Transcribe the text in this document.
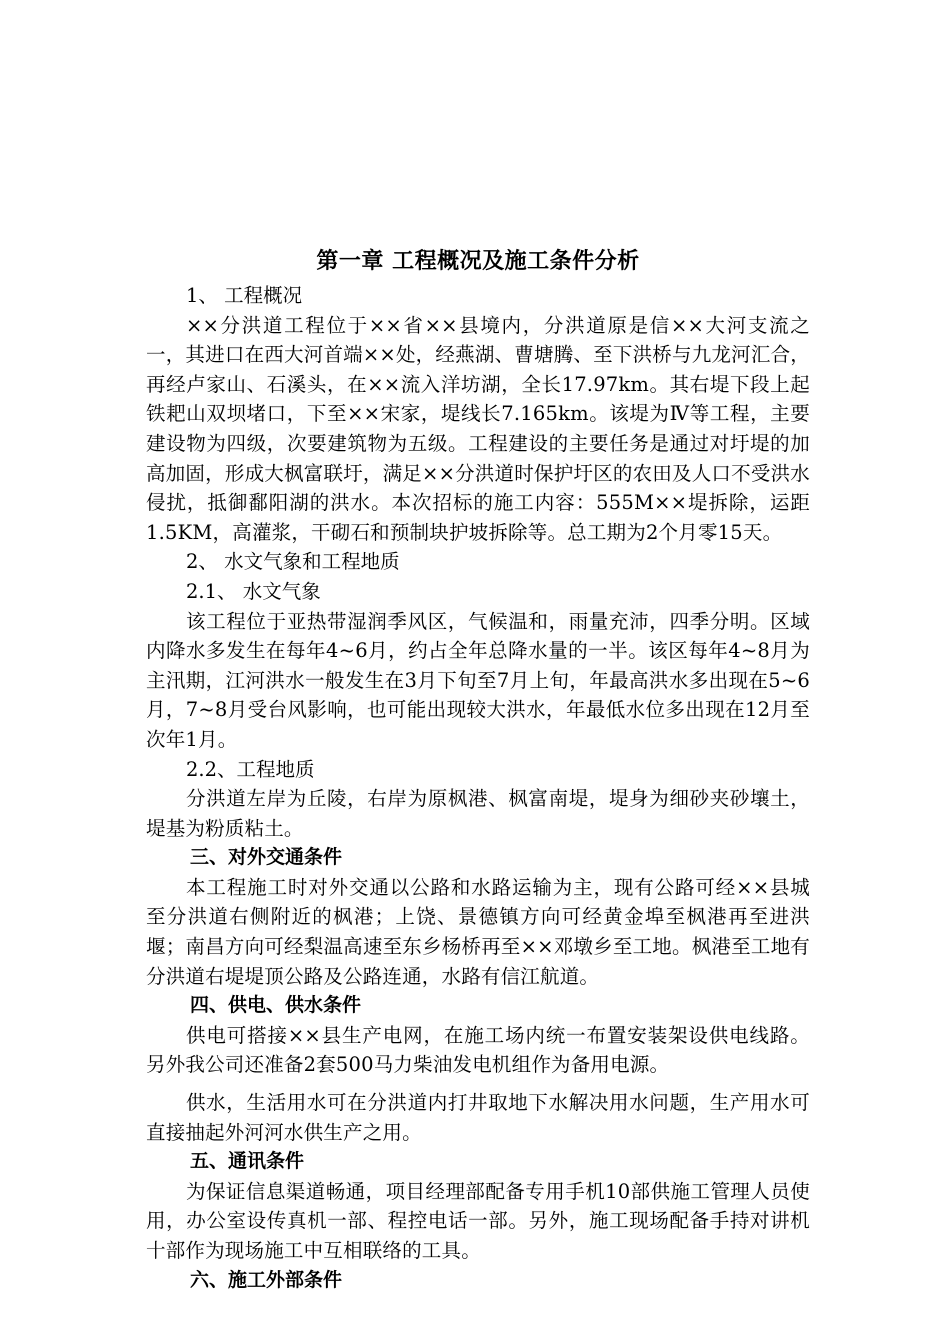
第一章 工程概况及施工条件分析

1、 工程概况

××分洪道工程位于××省××县境内，分洪道原是信××大河支流之一，其进口在西大河首端××处，经燕湖、曹塘腾、至下洪桥与九龙河汇合，再经卢家山、石溪头，在××流入洋坊湖，全长17.97km。其右堤下段上起铁耙山双坝堵口，下至××宋家，堤线长7.165km。该堤为Ⅳ等工程，主要建设物为四级，次要建筑物为五级。工程建设的主要任务是通过对圩堤的加高加固，形成大枫富联圩，满足××分洪道时保护圩区的农田及人口不受洪水侵扰，抵御鄱阳湖的洪水。本次招标的施工内容：555M××堤拆除，运距1.5KM，高灌浆，干砌石和预制块护坡拆除等。总工期为2个月零15天。

2、 水文气象和工程地质

2.1、 水文气象

该工程位于亚热带湿润季风区，气候温和，雨量充沛，四季分明。区域内降水多发生在每年4~6月，约占全年总降水量的一半。该区每年4~8月为主汛期，江河洪水一般发生在3月下旬至7月上旬，年最高洪水多出现在5~6月，7~8月受台风影响，也可能出现较大洪水，年最低水位多出现在12月至次年1月。

2.2、工程地质

分洪道左岸为丘陵，右岸为原枫港、枫富南堤，堤身为细砂夹砂壤土，堤基为粉质粘土。

三、对外交通条件

本工程施工时对外交通以公路和水路运输为主，现有公路可经××县城至分洪道右侧附近的枫港；上饶、景德镇方向可经黄金埠至枫港再至进洪堰；南昌方向可经梨温高速至东乡杨桥再至××邓墩乡至工地。枫港至工地有分洪道右堤堤顶公路及公路连通，水路有信江航道。

四、供电、供水条件

供电可搭接××县生产电网，在施工场内统一布置安装架设供电线路。另外我公司还准备2套500马力柴油发电机组作为备用电源。

供水，生活用水可在分洪道内打井取地下水解决用水问题，生产用水可直接抽起外河河水供生产之用。

五、通讯条件

为保证信息渠道畅通，项目经理部配备专用手机10部供施工管理人员使用，办公室设传真机一部、程控电话一部。另外，施工现场配备手持对讲机十部作为现场施工中互相联络的工具。

六、施工外部条件
